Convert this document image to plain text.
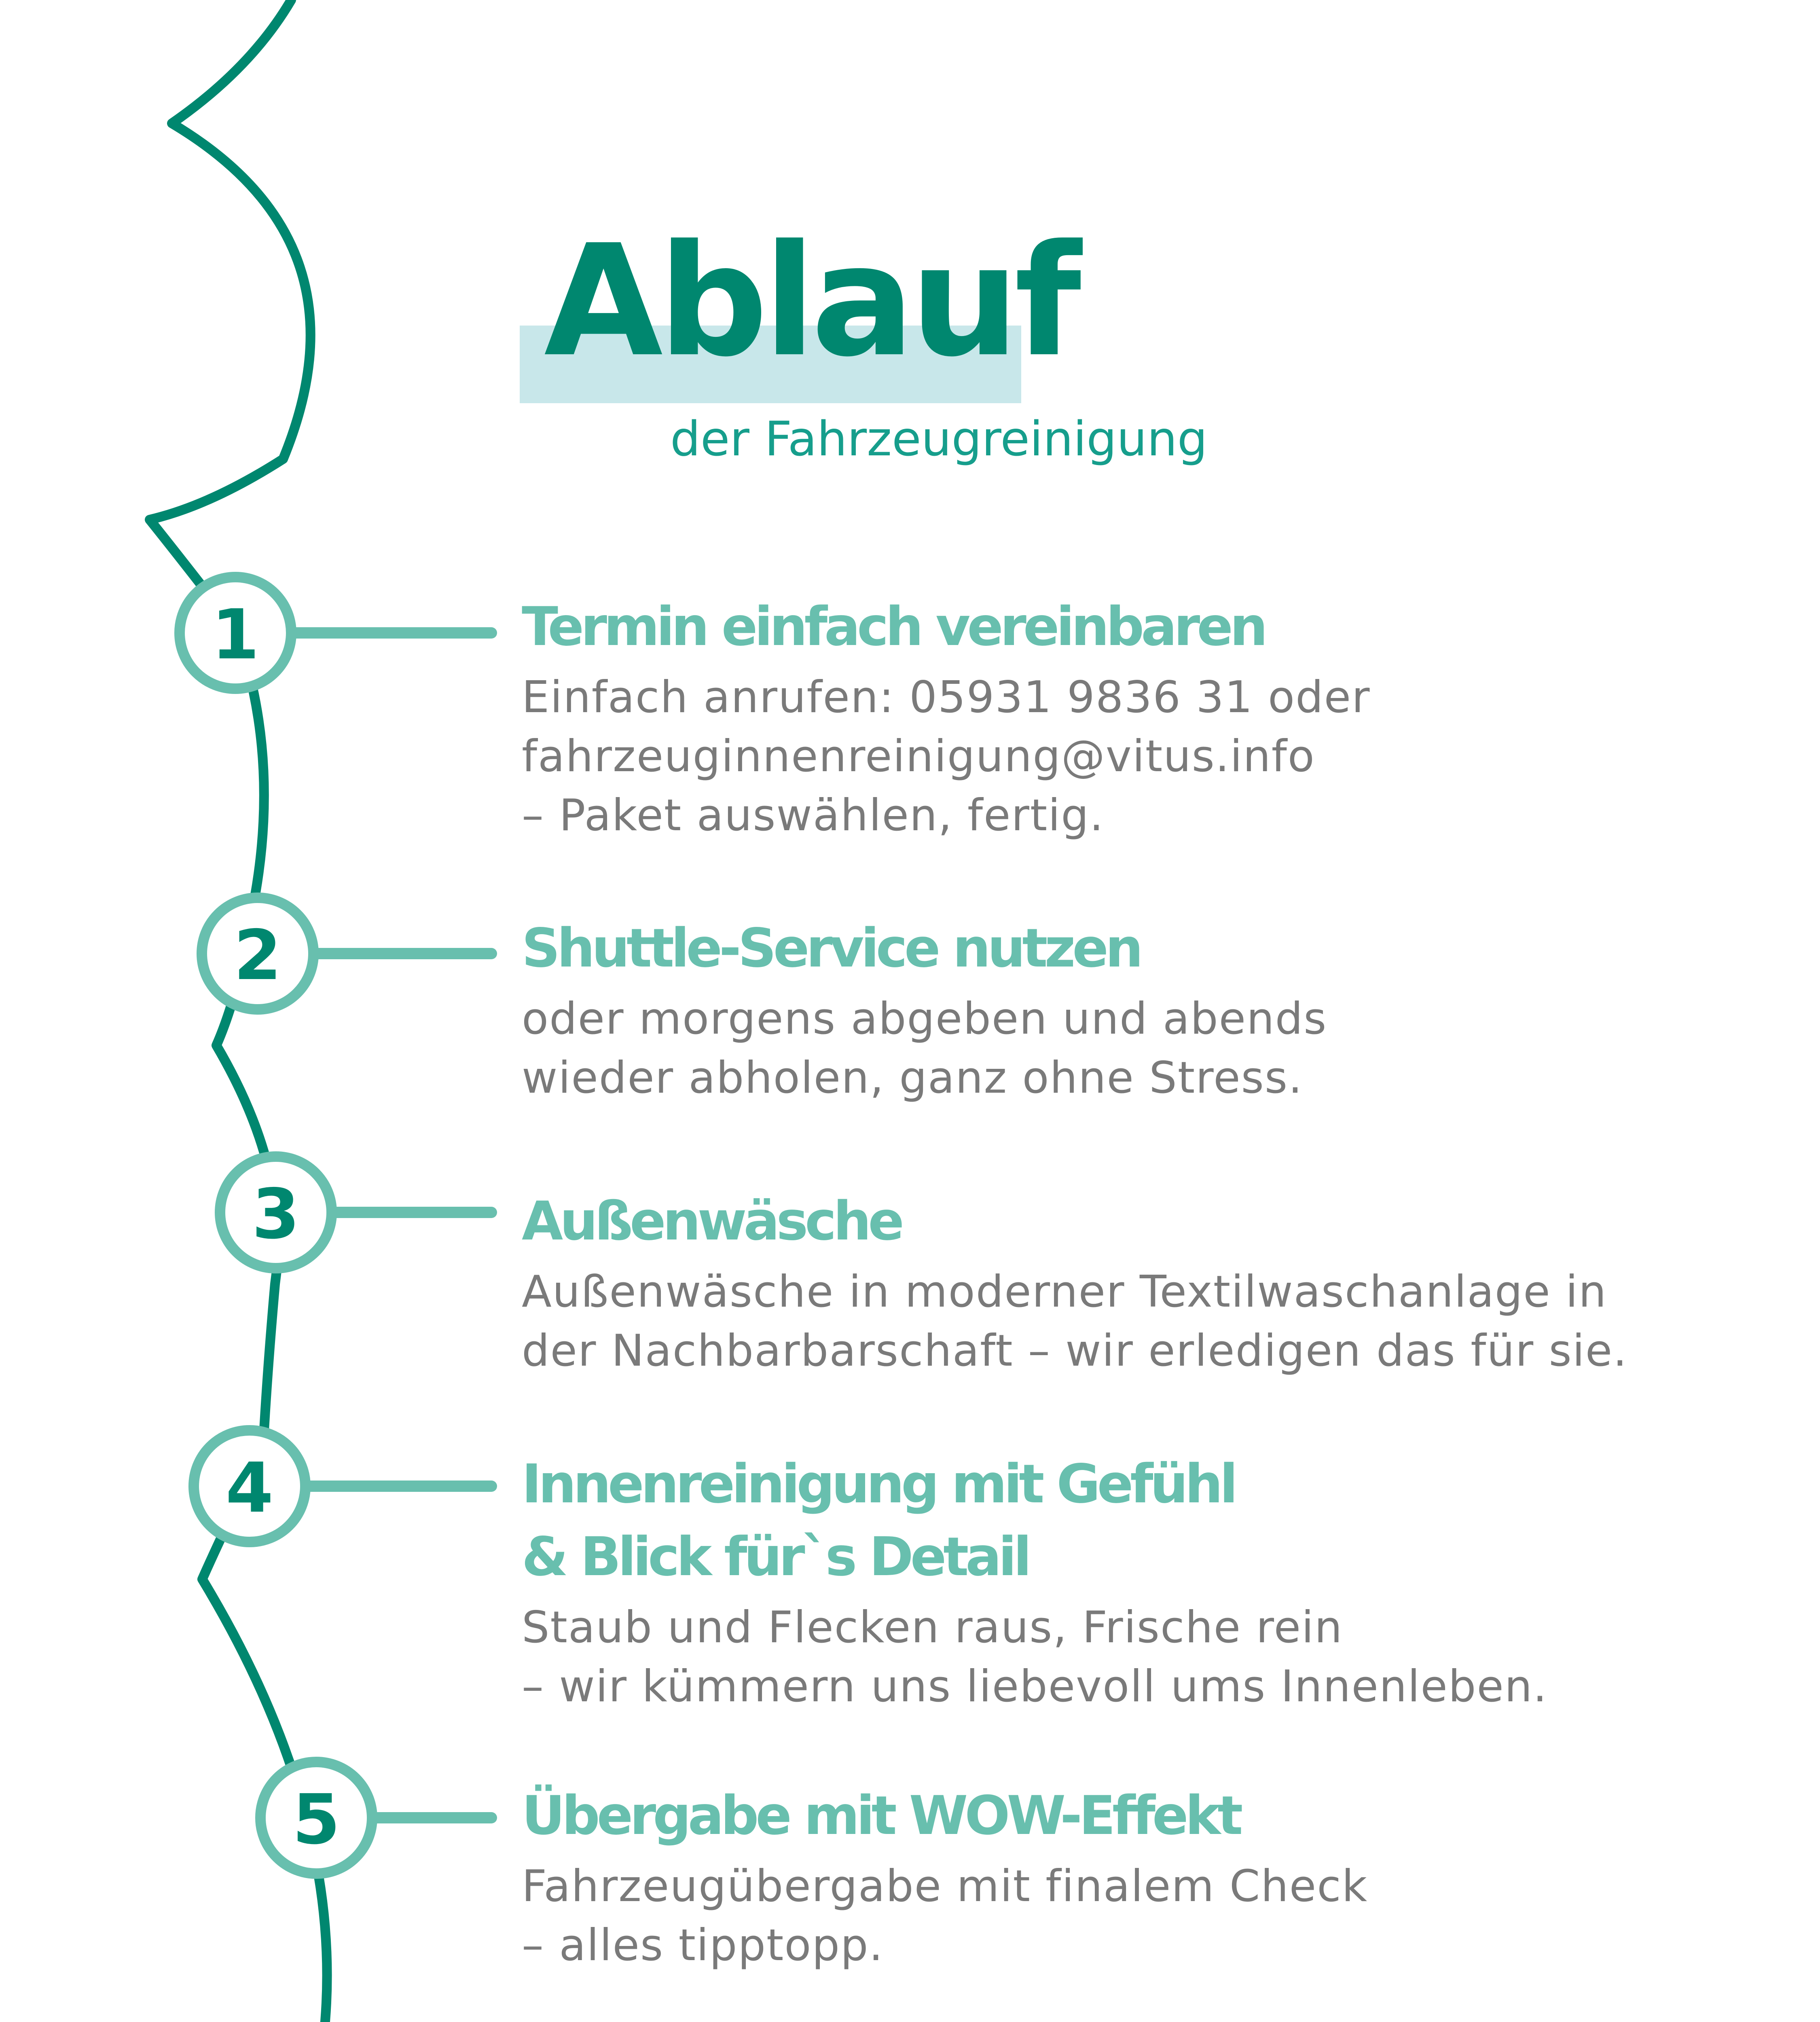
1
2
3
4
5
Ablauf

der Fahrzeugreinigung

Termin einfach vereinbaren

Einfach anrufen: 05931 9836 31 oder
fahrzeuginnenreinigung@vitus.info
– Paket auswählen, fertig.

Shuttle-Service nutzen

oder morgens abgeben und abends
wieder abholen, ganz ohne Stress.

Außenwäsche

Außenwäsche in moderner Textilwaschanlage in
der Nachbarbarschaft – wir erledigen das für sie.

Innenreinigung mit Gefühl
& Blick für`s Detail

Staub und Flecken raus, Frische rein
– wir kümmern uns liebevoll ums Innenleben.

Übergabe mit WOW-Effekt

Fahrzeugübergabe mit finalem Check
– alles tipptopp.
